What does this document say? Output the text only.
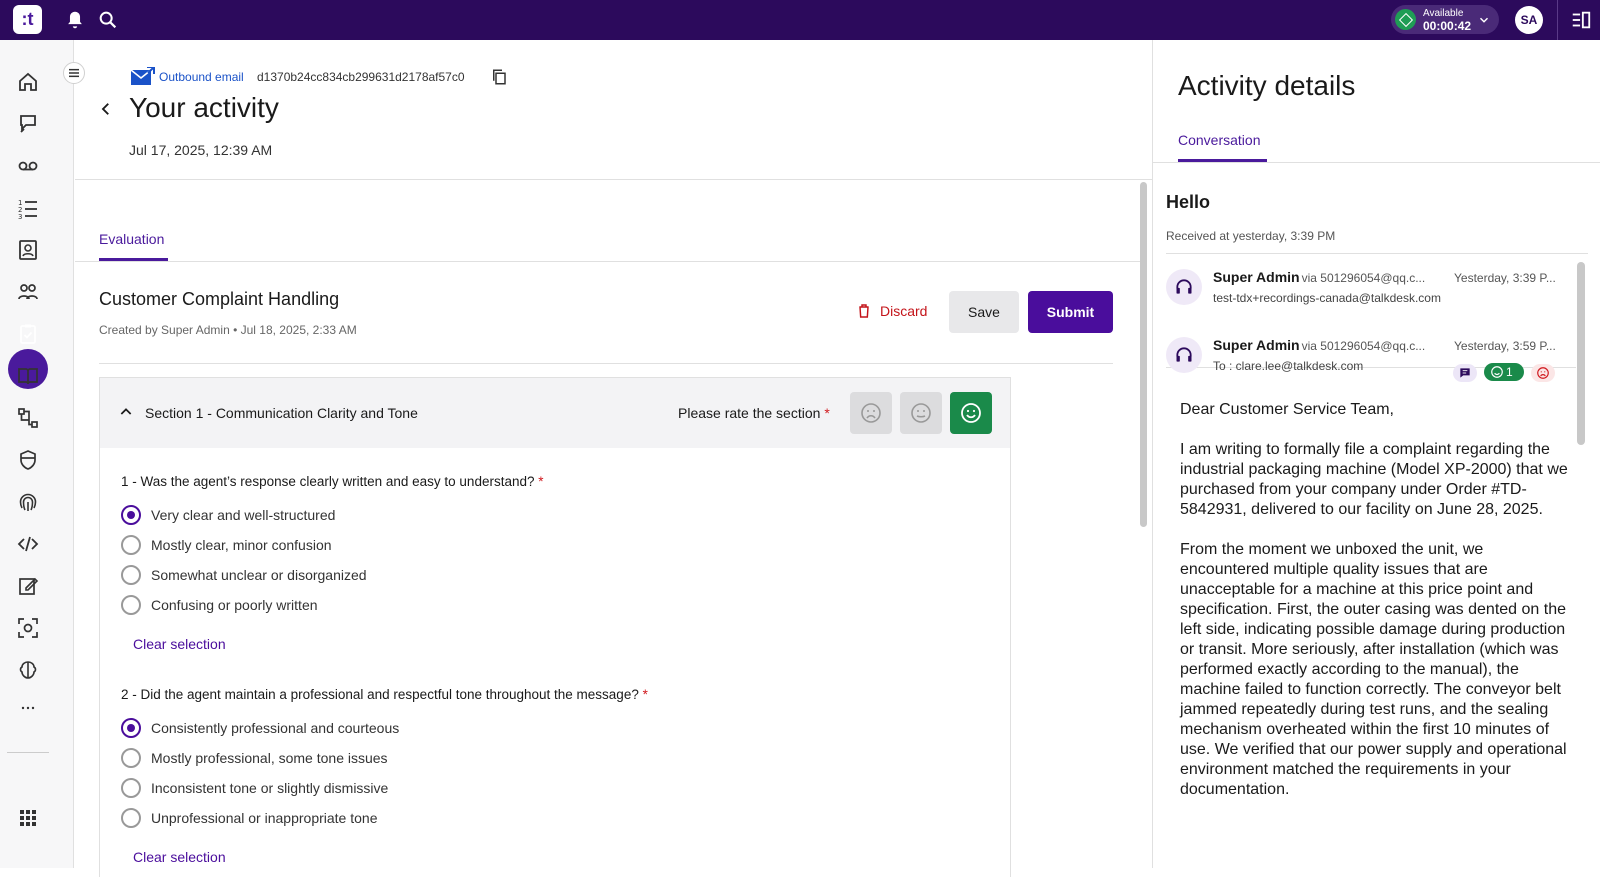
:t	Available
00:00:42	SA
1
2
3
Outbound email d1370b24cc834cb299631d2178af57c0
Your activity
Jul 17, 2025, 12:39 AM
Evaluation
Customer Complaint Handling
Created by Super Admin • Jul 18, 2025, 2:33 AM
Discard	Save	Submit
Section 1 - Communication Clarity and Tone	Please rate the section *
1 - Was the agent’s response clearly written and easy to understand? *
Very clear and well-structured
Mostly clear, minor confusion
Somewhat unclear or disorganized
Confusing or poorly written
Clear selection
2 - Did the agent maintain a professional and respectful tone throughout the message? *
Consistently professional and courteous
Mostly professional, some tone issues
Inconsistent tone or slightly dismissive
Unprofessional or inappropriate tone
Clear selection
Activity details
Conversation
Hello
Received at yesterday, 3:39 PM
Super Admin via 501296054@qq.c...
test-tdx+recordings-canada@talkdesk.com
Super Admin via 501296054@qq.c...
To : clare.lee@talkdesk.com
Yesterday, 3:39 P...
Yesterday, 3:59 P...
1

Dear Customer Service Team,

I am writing to formally file a complaint regarding the industrial packaging machine (Model XP-2000) that we purchased from your company under Order #TD-5842931, delivered to our facility on June 28, 2025.

From the moment we unboxed the unit, we encountered multiple quality issues that are unacceptable for a machine at this price point and specification. First, the outer casing was dented on the left side, indicating possible damage during production or transit. More seriously, after installation (which was performed exactly according to the manual), the machine failed to function correctly. The conveyor belt jammed repeatedly during test runs, and the sealing mechanism overheated within the first 10 minutes of use. We verified that our power supply and operational environment matched the requirements in your documentation.
